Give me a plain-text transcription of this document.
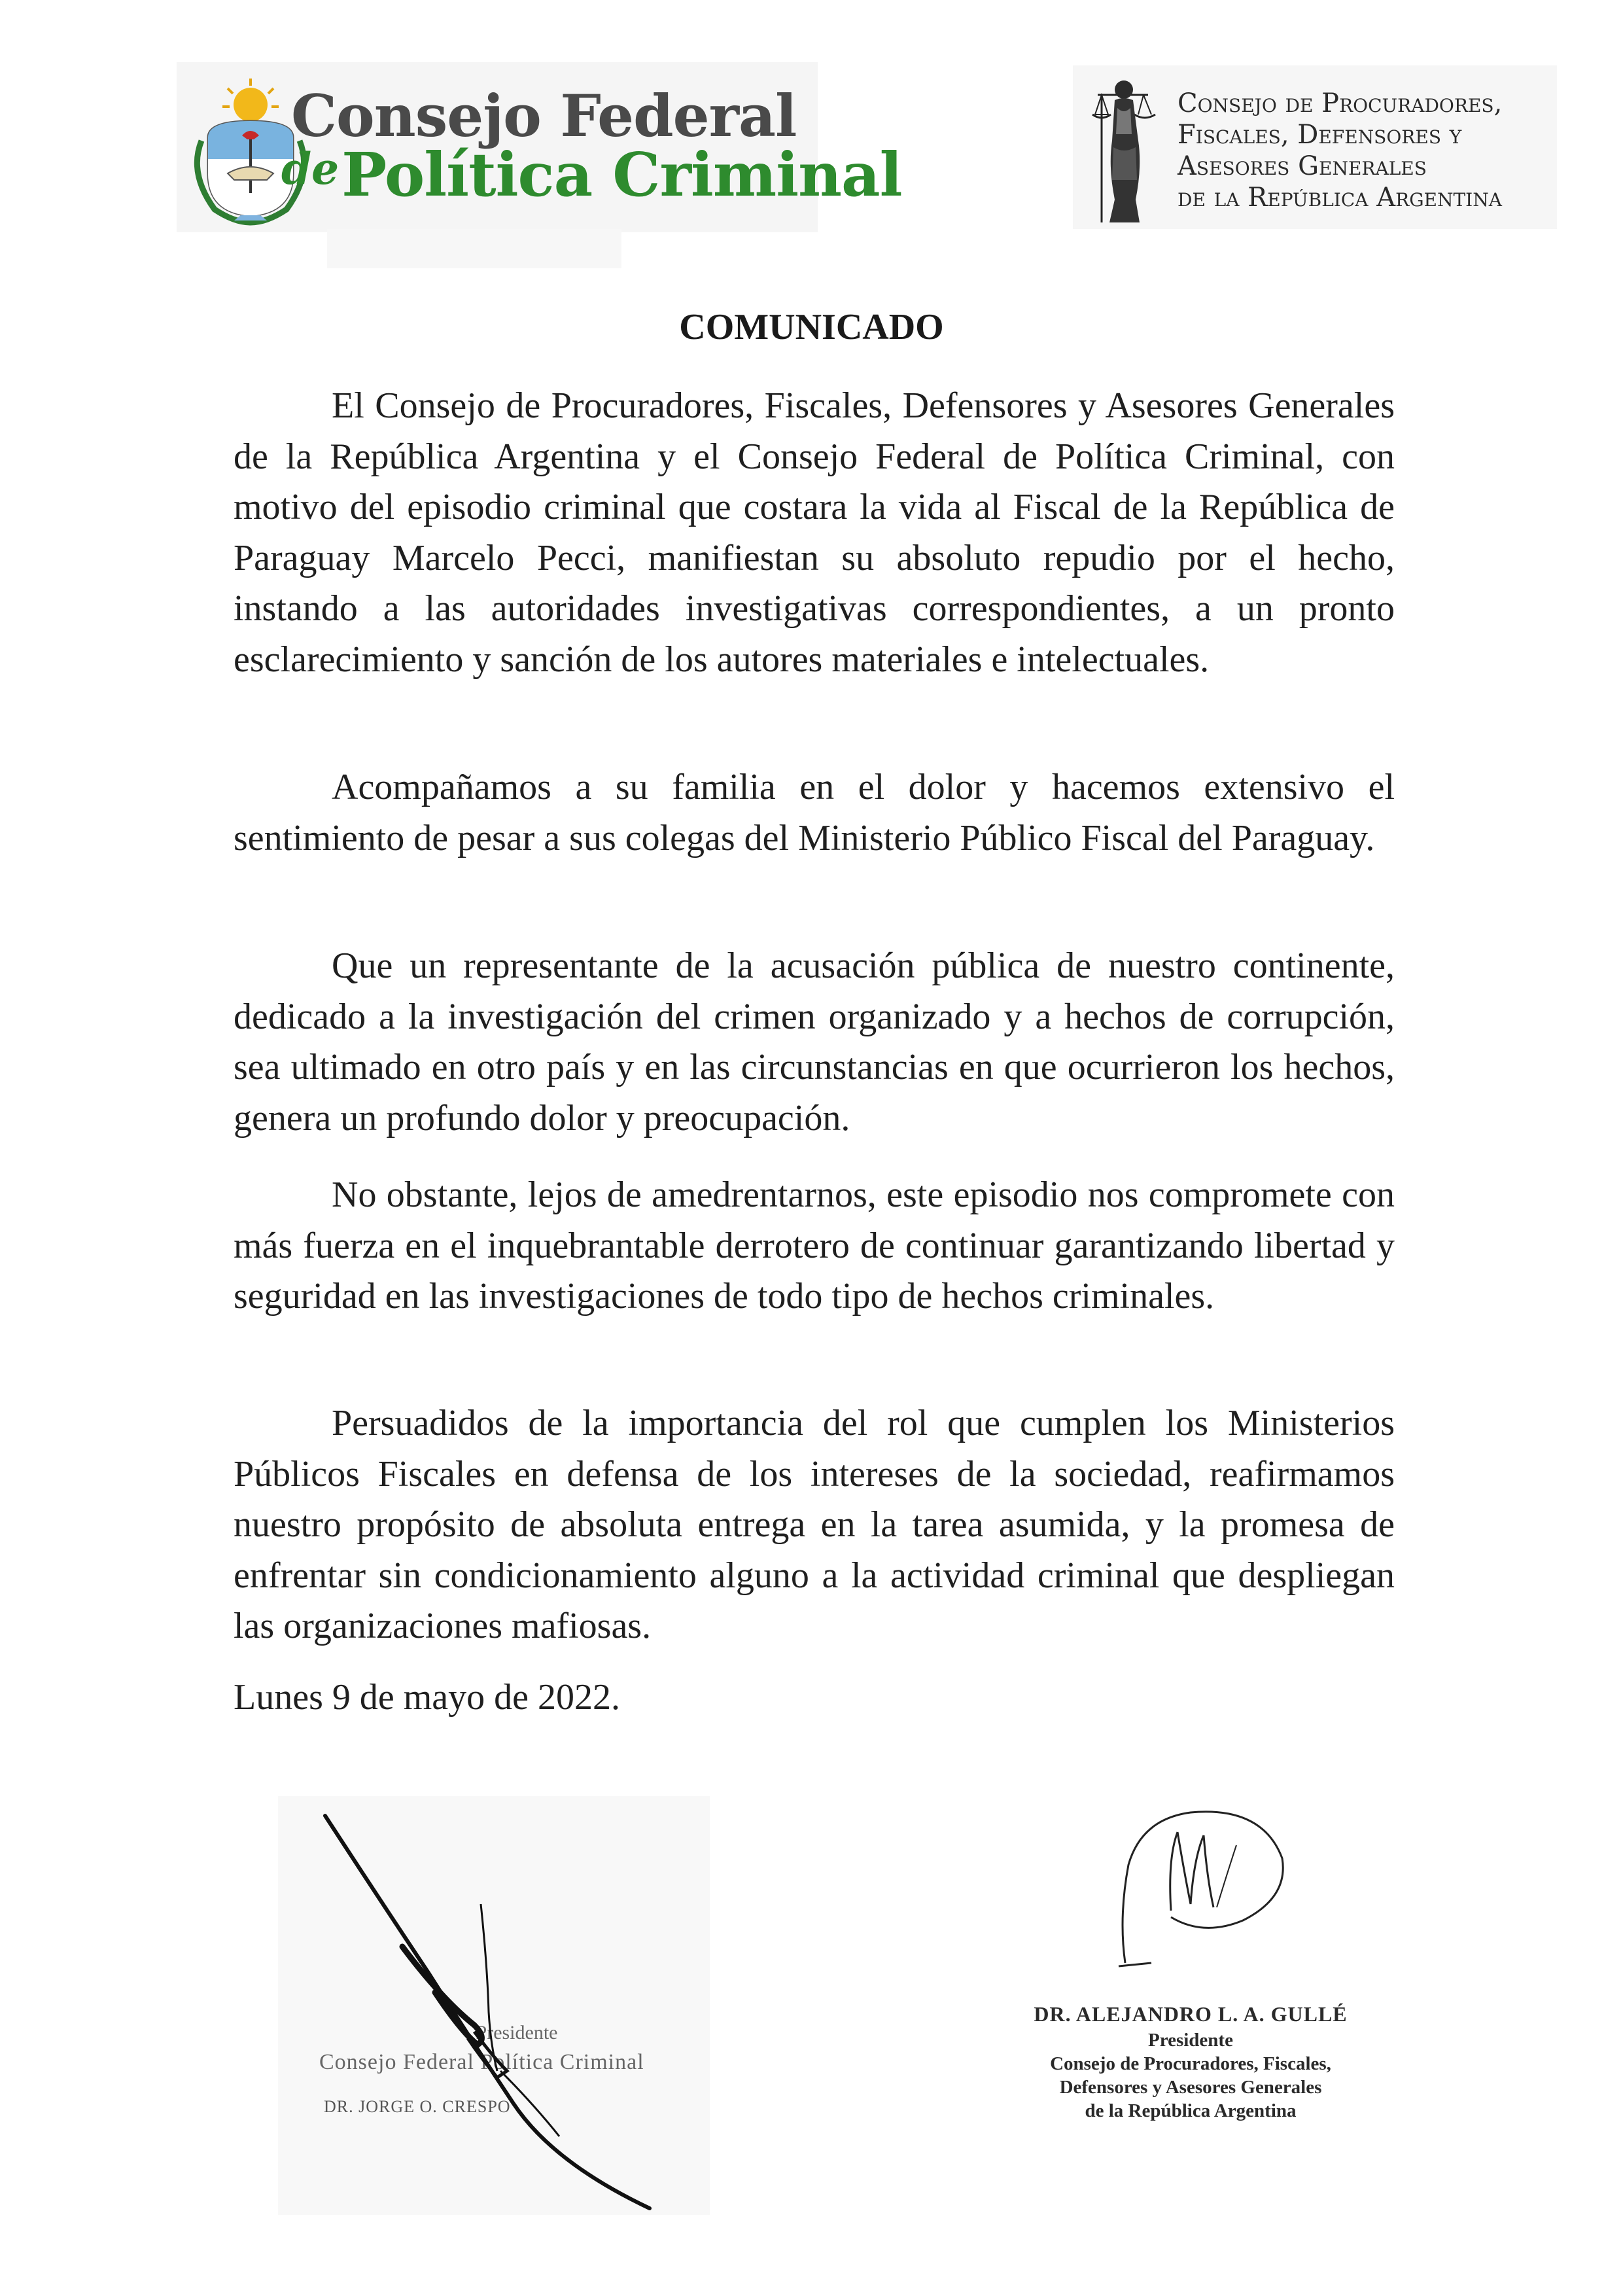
Consejo Federal
de Política Criminal
Consejo de Procuradores,
Fiscales, Defensores y
Asesores Generales
de la República Argentina
COMUNICADO

El Consejo de Procuradores, Fiscales, Defensores y Asesores Generales de la República Argentina y el Consejo Federal de Política Criminal, con motivo del episodio criminal que costara la vida al Fiscal de la República de Paraguay Marcelo Pecci, manifiestan su absoluto repudio por el hecho, instando a las autoridades investigativas correspondientes, a un pronto esclarecimiento y sanción de los autores materiales e intelectuales.

Acompañamos a su familia en el dolor y hacemos extensivo el sentimiento de pesar a sus colegas del Ministerio Público Fiscal del Paraguay.

Que un representante de la acusación pública de nuestro continente, dedicado a la investigación del crimen organizado y a hechos de corrupción, sea ultimado en otro país y en las circunstancias en que ocurrieron los hechos, genera un profundo dolor y preocupación.

No obstante, lejos de amedrentarnos, este episodio nos compromete con más fuerza en el inquebrantable derrotero de continuar garantizando libertad y seguridad en las investigaciones de todo tipo de hechos criminales.

Persuadidos de la importancia del rol que cumplen los Ministerios Públicos Fiscales en defensa de los intereses de la sociedad, reafirmamos nuestro propósito de absoluta entrega en la tarea asumida, y la promesa de enfrentar sin condicionamiento alguno a la actividad criminal que despliegan las organizaciones mafiosas.

Lunes 9 de mayo de 2022.
Presidente
Consejo Federal Política Criminal
DR. JORGE O. CRESPO
DR. ALEJANDRO L. A. GULLÉ
Presidente
Consejo de Procuradores, Fiscales,
Defensores y Asesores Generales
de la República Argentina
